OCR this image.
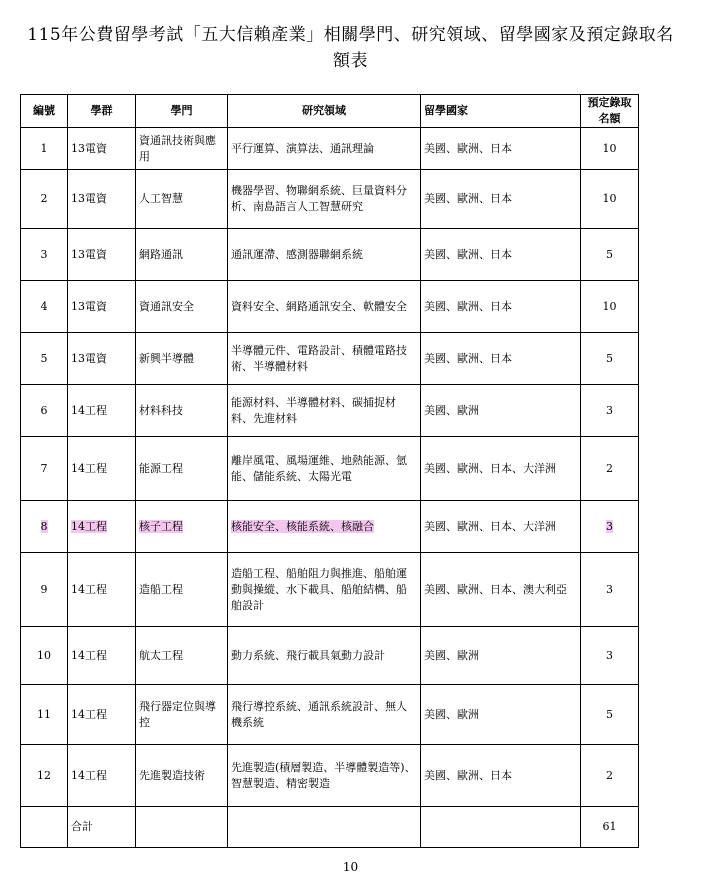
115年公費留學考試「五大信賴產業」相關學門、研究領域、留學國家及預定錄取名額表
編號	學群	學門	研究領域	留學國家	預定錄取名額
1	13電資	資通訊技術與應用	平行運算、演算法、通訊理論	美國、歐洲、日本	10
2	13電資	人工智慧	機器學習、物聯網系統、巨量資料分析、南島語言人工智慧研究	美國、歐洲、日本	10
3	13電資	網路通訊	通訊運滯、感測器聯網系統	美國、歐洲、日本	5
4	13電資	資通訊安全	資料安全、網路通訊安全、軟體安全	美國、歐洲、日本	10
5	13電資	新興半導體	半導體元件、電路設計、積體電路技術、半導體材料	美國、歐洲、日本	5
6	14工程	材料科技	能源材料、半導體材料、碳捕捉材料、先進材料	美國、歐洲	3
7	14工程	能源工程	離岸風電、風場運維、地熱能源、氫能、儲能系統、太陽光電	美國、歐洲、日本、大洋洲	2
8	14工程	核子工程	核能安全、核能系統、核融合	美國、歐洲、日本、大洋洲	3
9	14工程	造船工程	造船工程、船舶阻力與推進、船舶運動與操縱、水下載具、船舶結構、船舶設計	美國、歐洲、日本、澳大利亞	3
10	14工程	航太工程	動力系統、飛行載具氣動力設計	美國、歐洲	3
11	14工程	飛行器定位與導控	飛行導控系統、通訊系統設計、無人機系統	美國、歐洲	5
12	14工程	先進製造技術	先進製造(積層製造、半導體製造等)、智慧製造、精密製造	美國、歐洲、日本	2
	合計				61
10
